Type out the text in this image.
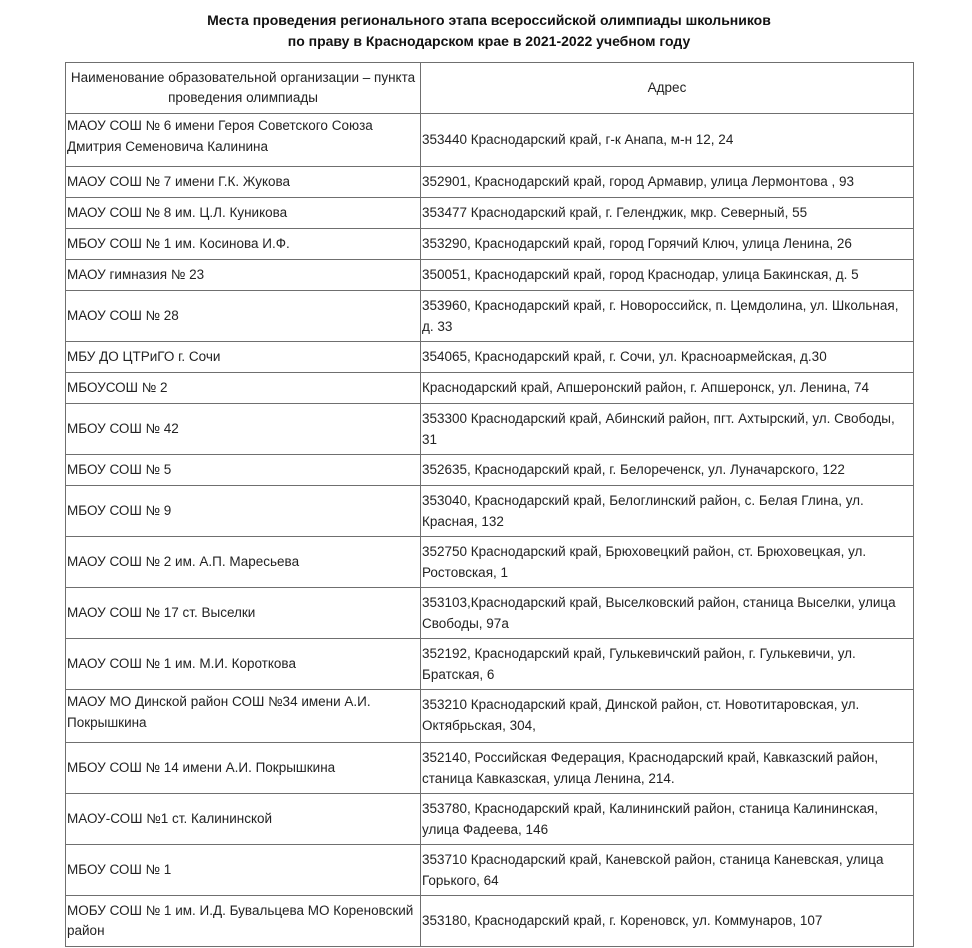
Места проведения регионального этапа всероссийской олимпиады школьников
по праву в Краснодарском крае в 2021-2022 учебном году
Наименование образовательной организации – пункта проведения олимпиады	Адрес
МАОУ СОШ № 6 имени Героя Советского Союза Дмитрия Семеновича Калинина	353440 Краснодарский край, г-к Анапа, м-н 12, 24
МАОУ СОШ № 7 имени Г.К. Жукова	352901, Краснодарский край, город Армавир, улица Лермонтова , 93
МАОУ СОШ № 8 им. Ц.Л. Куникова	353477 Краснодарский край, г. Геленджик, мкр. Северный, 55
МБОУ СОШ № 1 им. Косинова И.Ф.	353290, Краснодарский край, город Горячий Ключ, улица Ленина, 26
МАОУ гимназия № 23	350051, Краснодарский край, город Краснодар, улица Бакинская, д. 5
МАОУ СОШ № 28	353960, Краснодарский край, г. Новороссийск, п. Цемдолина, ул. Школьная, д. 33
МБУ ДО ЦТРиГО г. Сочи	354065, Краснодарский край, г. Сочи, ул. Красноармейская, д.30
МБОУСОШ № 2	Краснодарский край, Апшеронский район, г. Апшеронск, ул. Ленина, 74
МБОУ СОШ № 42	353300 Краснодарский край, Абинский район, пгт. Ахтырский, ул. Свободы, 31
МБОУ СОШ № 5	352635, Краснодарский край, г. Белореченск, ул. Луначарского, 122
МБОУ СОШ № 9	353040, Краснодарский край, Белоглинский район, с. Белая Глина, ул. Красная, 132
МАОУ СОШ № 2 им. А.П. Маресьева	352750 Краснодарский край, Брюховецкий район, ст. Брюховецкая, ул. Ростовская, 1
МАОУ СОШ № 17 ст. Выселки	353103,Краснодарский край, Выселковский район, станица Выселки, улица Свободы, 97а
МАОУ СОШ № 1 им. М.И. Короткова	352192, Краснодарский край, Гулькевичский район, г. Гулькевичи, ул. Братская, 6
МАОУ МО Динской район СОШ №34 имени А.И. Покрышкина	353210 Краснодарский край, Динской район, ст. Новотитаровская, ул. Октябрьская, 304,
МБОУ СОШ № 14 имени А.И. Покрышкина	352140, Российская Федерация, Краснодарский край, Кавказский район, станица Кавказская, улица Ленина, 214.
МАОУ-СОШ №1 ст. Калининской	353780, Краснодарский край, Калининский район, станица Калининская, улица Фадеева, 146
МБОУ СОШ № 1	353710 Краснодарский край, Каневской район, станица Каневская, улица Горького, 64
МОБУ СОШ № 1 им. И.Д. Бувальцева МО Кореновский район	353180, Краснодарский край, г. Кореновск, ул. Коммунаров, 107
